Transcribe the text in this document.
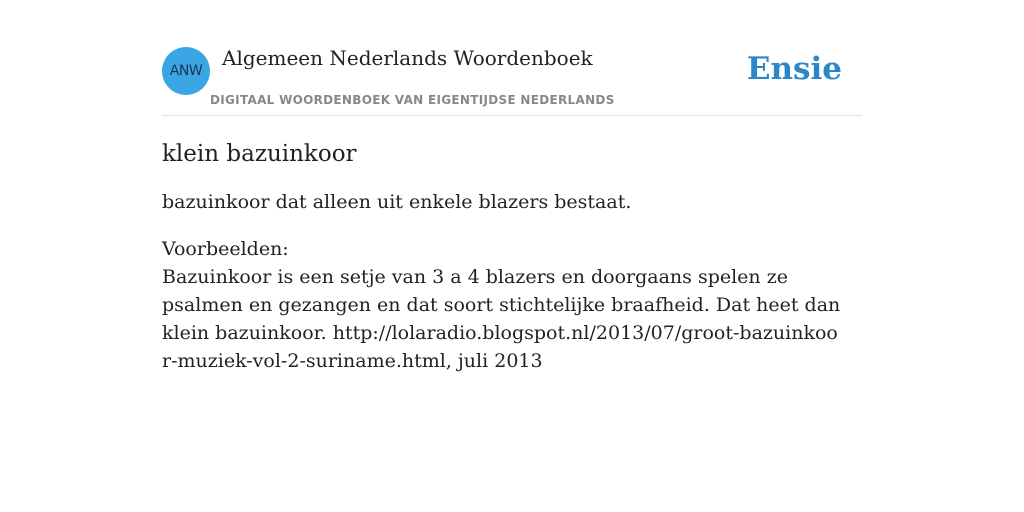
ANW
Algemeen Nederlands Woordenboek
DIGITAAL WOORDENBOEK VAN EIGENTIJDSE NEDERLANDS
Ensie
klein bazuinkoor

bazuinkoor dat alleen uit enkele blazers bestaat.

Voorbeelden:
Bazuinkoor is een setje van 3 a 4 blazers en doorgaans spelen ze psalmen en gezangen en dat soort stichtelijke braafheid. Dat heet dan klein bazuinkoor. http://lolaradio.blogspot.nl/2013/07/groot-bazuinkoor-muziek-vol-2-suriname.html, juli 2013
